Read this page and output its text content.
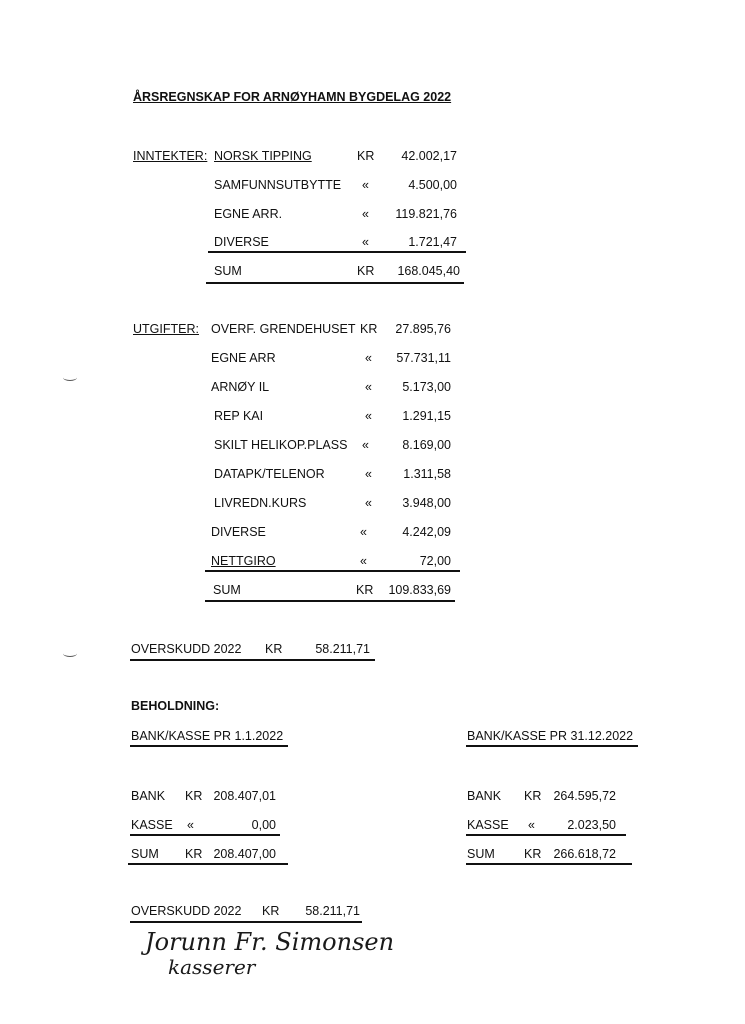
ÅRSREGNSKAP FOR ARNØYHAMN BYGDELAG 2022
INNTEKTER: NORSK TIPPING	KR	42.002,17
SAMFUNNSUTBYTTE «	4.500,00
EGNE ARR.	«	119.821,76
DIVERSE	«	1.721,47
SUM	KR	168.045,40
UTGIFTER: OVERF. GRENDEHUSET KR	27.895,76
EGNE ARR	«	57.731,11
ARNØY IL	«	5.173,00
REP KAI	«	1.291,15
SKILT HELIKOP.PLASS «	8.169,00
DATAPK/TELENOR	«	1.311,58
LIVREDN.KURS	«	3.948,00
DIVERSE	«	4.242,09
NETTGIRO	«	72,00
SUM	KR	109.833,69
OVERSKUDD 2022 KR	58.211,71
BEHOLDNING:
BANK/KASSE PR 1.1.2022	BANK/KASSE PR 31.12.2022
BANK KR 208.407,01
KASSE «	0,00
SUM KR 208.407,00
BANK KR 264.595,72
KASSE «	2.023,50
SUM KR 266.618,72
OVERSKUDD 2022 KR	58.211,71
Jorunn Fr. Simonsen
kasserer
